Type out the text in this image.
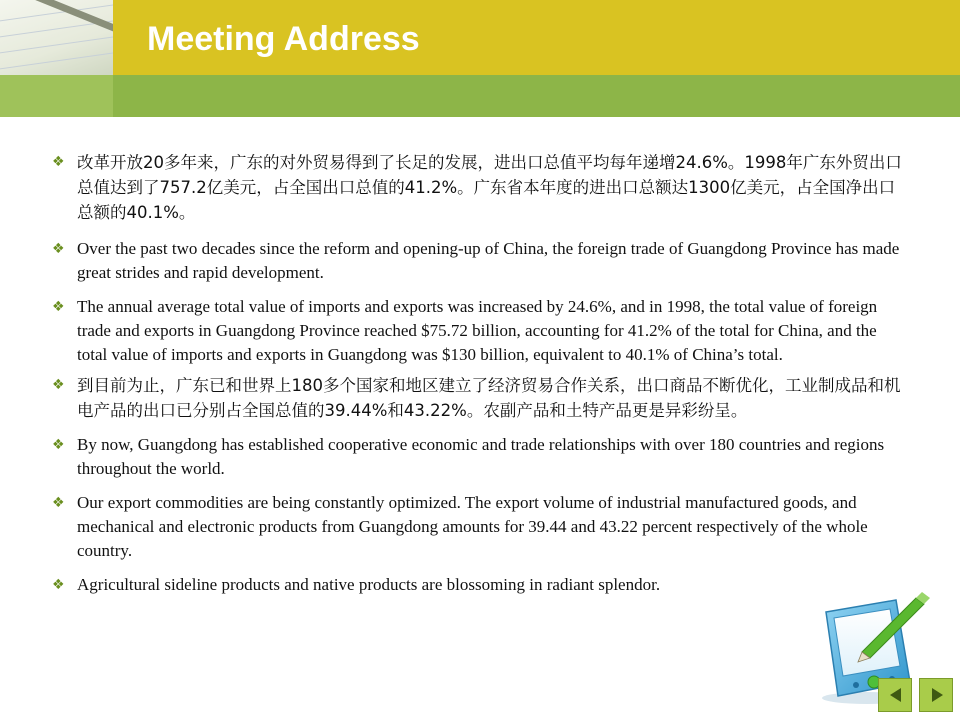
Meeting Address
❖ 改革开放20多年来，广东的对外贸易得到了长足的发展，进出口总值平均每年递增24.6%。1998年广东外贸出口总值达到了757.2亿美元，占全国出口总值的41.2%。广东省本年度的进出口总额达1300亿美元，占全国净出口总额的40.1%。
❖ Over the past two decades since the reform and opening-up of China, the foreign trade of Guangdong Province has made great strides and rapid development.
❖ The annual average total value of imports and exports was increased by 24.6%, and in 1998, the total value of foreign trade and exports in Guangdong Province reached $75.72 billion, accounting for 41.2% of the total for China, and the total value of imports and exports in Guangdong was $130 billion, equivalent to 40.1% of China’s total.
❖ 到目前为止，广东已和世界上180多个国家和地区建立了经济贸易合作关系，出口商品不断优化，工业制成品和机电产品的出口已分别占全国总值的39.44%和43.22%。农副产品和土特产品更是异彩纷呈。
❖ By now, Guangdong has established cooperative economic and trade relationships with over 180 countries and regions throughout the world.
❖ Our export commodities are being constantly optimized. The export volume of industrial manufactured goods, and mechanical and electronic products from Guangdong amounts for 39.44 and 43.22 percent respectively of the whole country.
❖ Agricultural sideline products and native products are blossoming in radiant splendor.
